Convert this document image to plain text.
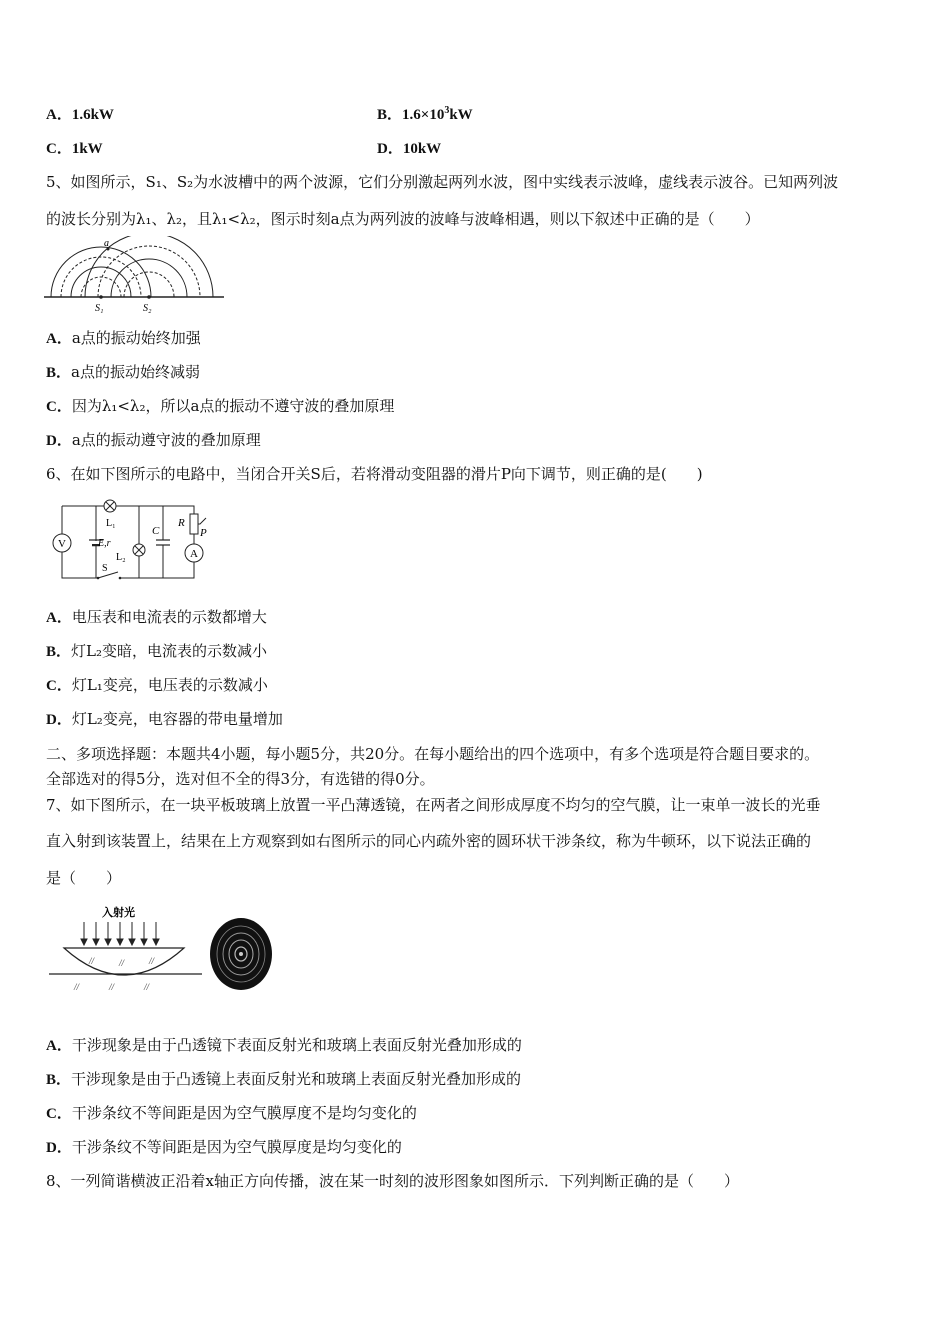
A．1.6kW	B．$1.6\times 10^3kW$
C．1kW	D．10kW
5、如图所示，S₁、S₂为水波槽中的两个波源，它们分别激起两列水波，图中实线表示波峰，虚线表示波谷。已知两列波
的波长分别为λ₁、λ₂，且λ₁<λ₂，图示时刻a点为两列波的波峰与波峰相遇，则以下叙述中正确的是（　　）
a
S₁	S₂
A．a点的振动始终加强
B．a点的振动始终减弱
C．因为λ₁<λ₂，所以a点的振动不遵守波的叠加原理
D．a点的振动遵守波的叠加原理
6、在如下图所示的电路中，当闭合开关S后，若将滑动变阻器的滑片P向下调节，则正确的是(　　)
V	E,r
S
L₁
L₂
C
R
P
A
A．电压表和电流表的示数都增大
B．灯L₂变暗，电流表的示数减小
C．灯L₁变亮，电压表的示数减小
D．灯L₂变亮，电容器的带电量增加
二、多项选择题：本题共4小题，每小题5分，共20分。在每小题给出的四个选项中，有多个选项是符合题目要求的。
全部选对的得5分，选对但不全的得3分，有选错的得0分。
7、如下图所示，在一块平板玻璃上放置一平凸薄透镜，在两者之间形成厚度不均匀的空气膜，让一束单一波长的光垂
直入射到该装置上，结果在上方观察到如右图所示的同心内疏外密的圆环状干涉条纹，称为牛顿环，以下说法正确的
是（　　）
入射光
//	//	//
//	//	//
A．干涉现象是由于凸透镜下表面反射光和玻璃上表面反射光叠加形成的
B．干涉现象是由于凸透镜上表面反射光和玻璃上表面反射光叠加形成的
C．干涉条纹不等间距是因为空气膜厚度不是均匀变化的
D．干涉条纹不等间距是因为空气膜厚度是均匀变化的
8、一列简谐横波正沿着x轴正方向传播，波在某一时刻的波形图象如图所示．下列判断正确的是（　　）
